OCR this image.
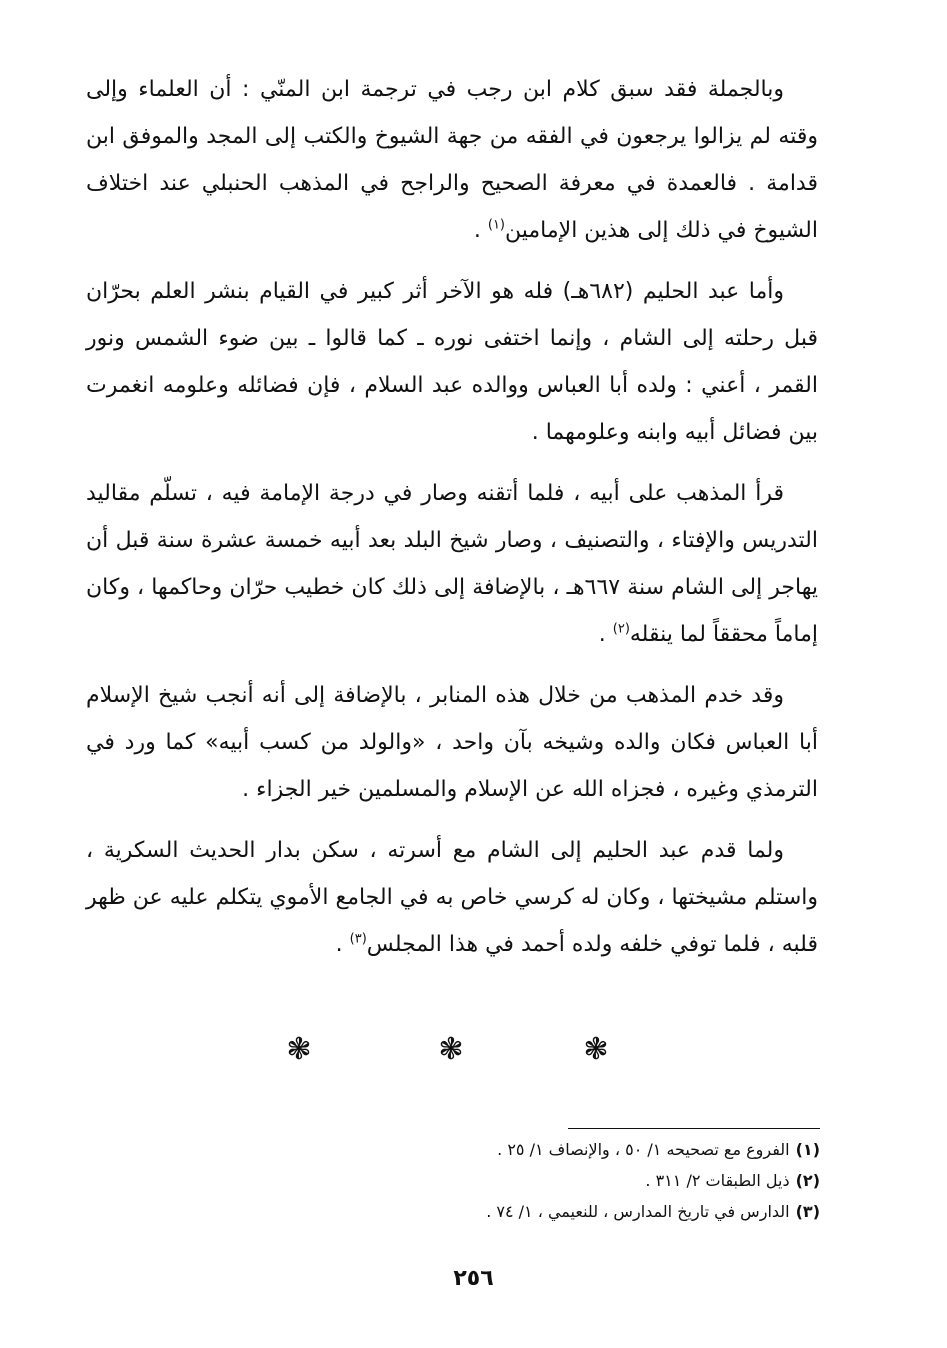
وبالجملة فقد سبق كلام ابن رجب في ترجمة ابن المنّي : أن العلماء وإلى وقته لم يزالوا يرجعون في الفقه من جهة الشيوخ والكتب إلى المجد والموفق ابن قدامة . فالعمدة في معرفة الصحيح والراجح في المذهب الحنبلي عند اختلاف الشيوخ في ذلك إلى هذين الإمامين$^{(١)}$ .

وأما عبد الحليم (٦٨٢هـ) فله هو الآخر أثر كبير في القيام بنشر العلم بحرّان قبل رحلته إلى الشام ، وإنما اختفى نوره ـ كما قالوا ـ بين ضوء الشمس ونور القمر ، أعني : ولده أبا العباس ووالده عبد السلام ، فإن فضائله وعلومه انغمرت بين فضائل أبيه وابنه وعلومهما .

قرأ المذهب على أبيه ، فلما أتقنه وصار في درجة الإمامة فيه ، تسلّم مقاليد التدريس والإفتاء ، والتصنيف ، وصار شيخ البلد بعد أبيه خمسة عشرة سنة قبل أن يهاجر إلى الشام سنة ٦٦٧هـ ، بالإضافة إلى ذلك كان خطيب حرّان وحاكمها ، وكان إماماً محققاً لما ينقله$^{(٢)}$ .

وقد خدم المذهب من خلال هذه المنابر ، بالإضافة إلى أنه أنجب شيخ الإسلام أبا العباس فكان والده وشيخه بآن واحد ، «والولد من كسب أبيه» كما ورد في الترمذي وغيره ، فجزاه الله عن الإسلام والمسلمين خير الجزاء .

ولما قدم عبد الحليم إلى الشام مع أسرته ، سكن بدار الحديث السكرية ، واستلم مشيختها ، وكان له كرسي خاص به في الجامع الأموي يتكلم عليه عن ظهر قلبه ، فلما توفي خلفه ولده أحمد في هذا المجلس$^{(٣)}$ .

❃
❃
❃
(١)الفروع مع تصحيحه ١/ ٥٠ ، والإنصاف ١/ ٢٥ .
(٢)ذيل الطبقات ٢/ ٣١١ .
(٣)الدارس في تاريخ المدارس ، للنعيمي ، ١/ ٧٤ .
٢٥٦
